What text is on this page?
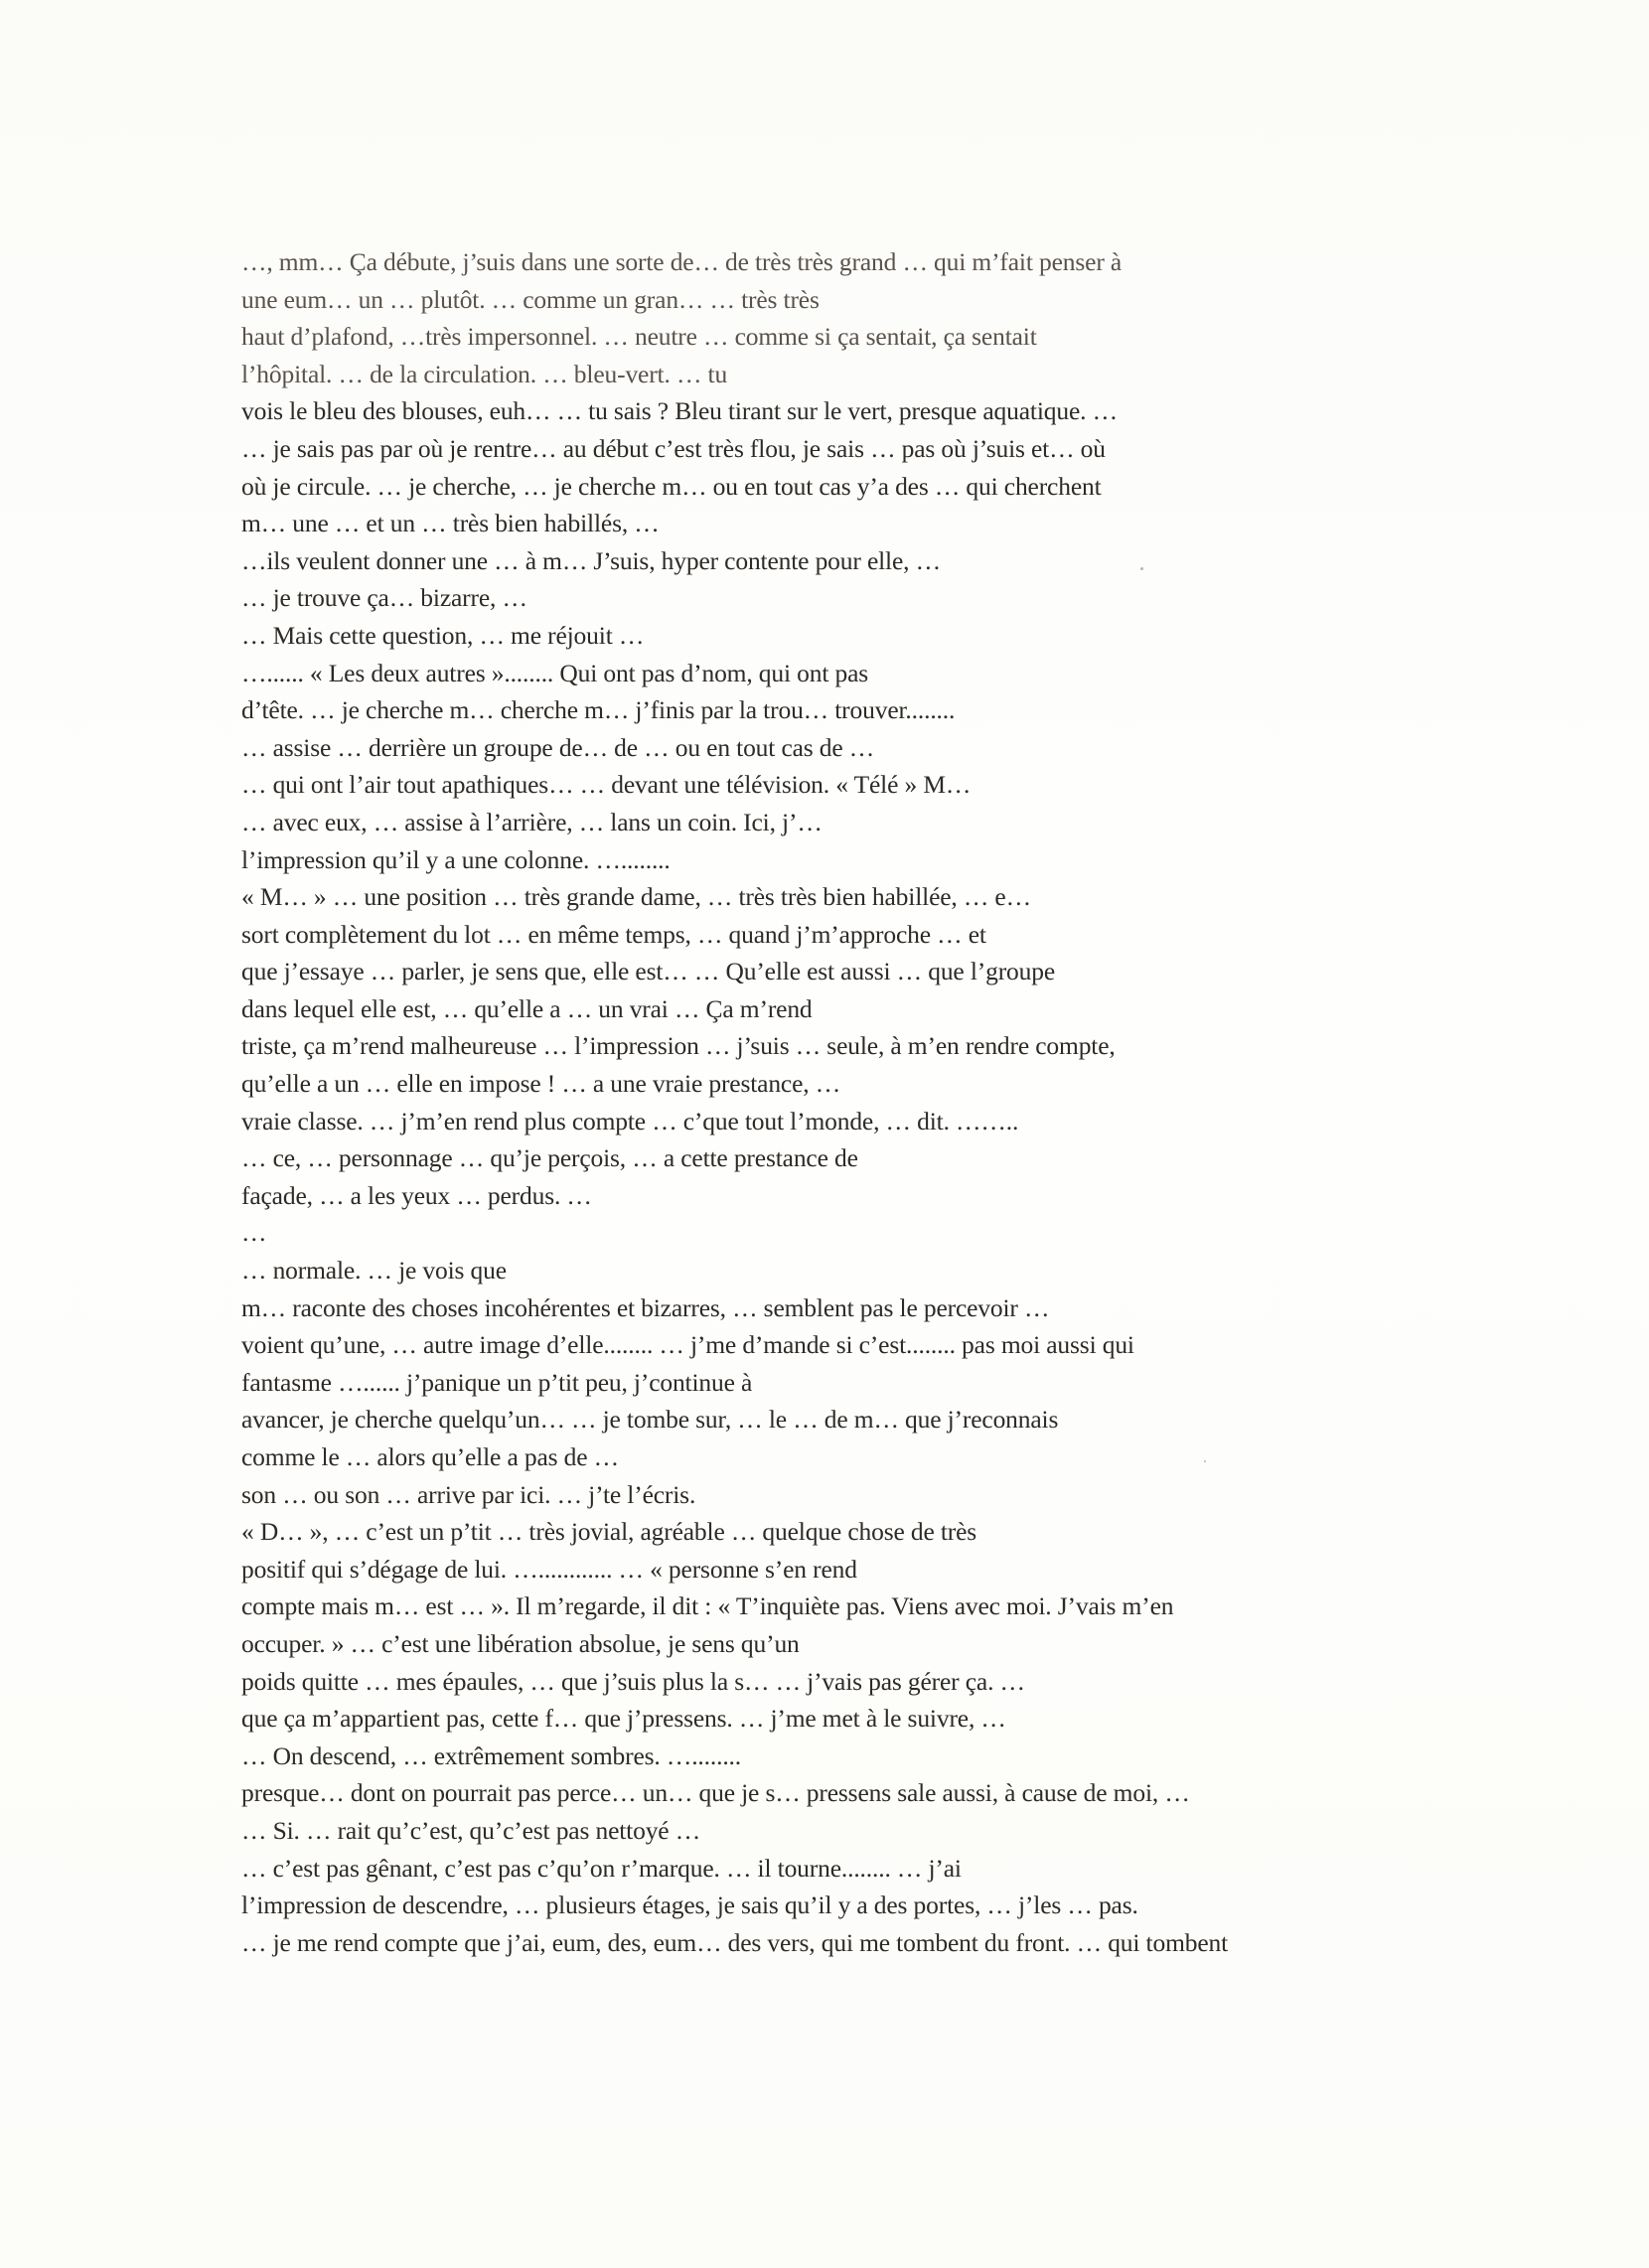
…, mm… Ça débute, j’suis dans une sorte de… de très très grand … qui m’fait penser à
une eum… un … plutôt. … comme un gran… … très très
haut d’plafond, …très impersonnel. … neutre … comme si ça sentait, ça sentait
l’hôpital. … de la circulation. … bleu-vert. … tu
vois le bleu des blouses, euh… … tu sais ? Bleu tirant sur le vert, presque aquatique. …
… je sais pas par où je rentre… au début c’est très flou, je sais … pas où j’suis et… où
où je circule. … je cherche, … je cherche m… ou en tout cas y’a des … qui cherchent
m… une … et un … très bien habillés, …
…ils veulent donner une … à m… J’suis, hyper contente pour elle, …
… je trouve ça… bizarre, …
… Mais cette question, … me réjouit …
…...... « Les deux autres »........ Qui ont pas d’nom, qui ont pas
d’tête. … je cherche m… cherche m… j’finis par la trou… trouver........
… assise … derrière un groupe de… de … ou en tout cas de …
… qui ont l’air tout apathiques… … devant une télévision. « Télé » M…
… avec eux, … assise à l’arrière, … lans un coin. Ici, j’…
l’impression qu’il y a une colonne. …........
« M… » … une position … très grande dame, … très très bien habillée, … e…
sort complètement du lot … en même temps, … quand j’m’approche … et
que j’essaye … parler, je sens que, elle est… … Qu’elle est aussi … que l’groupe
dans lequel elle est, … qu’elle a … un vrai … Ça m’rend
triste, ça m’rend malheureuse … l’impression … j’suis … seule, à m’en rendre compte,
qu’elle a un … elle en impose ! … a une vraie prestance, …
vraie classe. … j’m’en rend plus compte … c’que tout l’monde, … dit. ……..
… ce, … personnage … qu’je perçois, … a cette prestance de
façade, … a les yeux … perdus. …
…
… normale. … je vois que
m… raconte des choses incohérentes et bizarres, … semblent pas le percevoir …
voient qu’une, … autre image d’elle........ … j’me d’mande si c’est........ pas moi aussi qui
fantasme …...... j’panique un p’tit peu, j’continue à
avancer, je cherche quelqu’un… … je tombe sur, … le … de m… que j’reconnais
comme le … alors qu’elle a pas de …
son … ou son … arrive par ici. … j’te l’écris.
« D… », … c’est un p’tit … très jovial, agréable … quelque chose de très
positif qui s’dégage de lui. …............ … « personne s’en rend
compte mais m… est … ». Il m’regarde, il dit : « T’inquiète pas. Viens avec moi. J’vais m’en
occuper. » … c’est une libération absolue, je sens qu’un
poids quitte … mes épaules, … que j’suis plus la s… … j’vais pas gérer ça. …
que ça m’appartient pas, cette f… que j’pressens. … j’me met à le suivre, …
… On descend, … extrêmement sombres. …........
presque… dont on pourrait pas perce… un… que je s… pressens sale aussi, à cause de moi, …
… Si. … rait qu’c’est, qu’c’est pas nettoyé …
… c’est pas gênant, c’est pas c’qu’on r’marque. … il tourne........ … j’ai
l’impression de descendre, … plusieurs étages, je sais qu’il y a des portes, … j’les … pas.
… je me rend compte que j’ai, eum, des, eum… des vers, qui me tombent du front. … qui tombent
